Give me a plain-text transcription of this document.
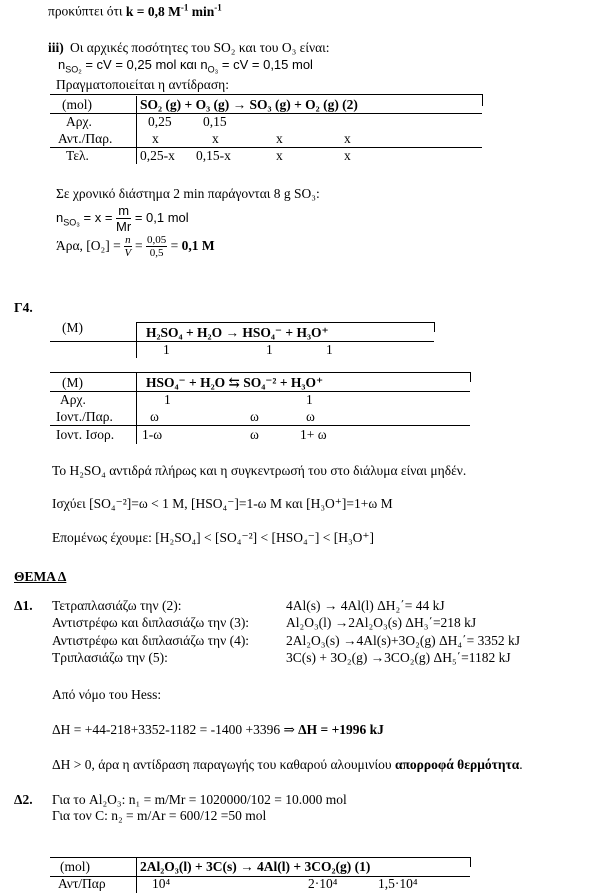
προκύπτει ότι k = 0,8 $M^{-1}$ $\min^{-1}$
iii) Οι αρχικές ποσότητες του SO₂ και του O₃ είναι:
$n_{SO_2}$ = cV = 0,25 mol και $n_{O_3}$ = cV = 0,15 mol
Πραγματοποιείται η αντίδραση:
(mol)	SO₂ (g) + O₃ (g) → SO₃ (g) + O₂ (g) (2)
Αρχ.	0,25 0,15
Αντ./Παρ.	x	x	x	x
Τελ.	0,25-x 0,15-x	x	x
Σε χρονικό διάστημα 2 min παράγονται 8 g SO₃:
$n_{SO_3} = x = \frac{m}{Mr} = 0,1$ mol
Άρα, $[O_2] = \frac{n}{V} = \frac{0,05}{0,5} = 0,1$ M
Γ4.
(M)	H₂SO₄ + H₂O → HSO₄⁻ + H₃O⁺
1	1	1
(M)	HSO₄⁻ + H₂O ⇆ SO₄⁻² + H₃O⁺
Αρχ.	1	1
Ιοντ./Παρ.	ω	ω	ω
Ιοντ. Ισορ. 1-ω	ω	1+ ω
Το H₂SO₄ αντιδρά πλήρως και η συγκεντρωσή του στο διάλυμα είναι μηδέν.
Ισχύει [SO₄⁻²]=ω < 1 M, [HSO₄⁻]=1-ω M και [H₃O⁺]=1+ω M
Επομένως έχουμε: [H₂SO₄] < [SO₄⁻²] < [HSO₄⁻] < [H₃O⁺]
ΘΕΜΑ Δ
Δ1. Τετραπλασιάζω την (2):	4Al(s) → 4Al(l) ΔH₂΄= 44 kJ
Αντιστρέφω και διπλασιάζω την (3):	Al₂O₃(l) →2Al₂O₃(s) ΔH₃΄=218 kJ
Αντιστρέφω και διπλασιάζω την (4):	2Al₂O₃(s) →4Al(s)+3O₂(g) ΔH₄΄= 3352 kJ
Τριπλασιάζω την (5):	3C(s) + 3O₂(g) →3CO₂(g) ΔH₅΄=1182 kJ
Από νόμο του Hess:
ΔH = +44-218+3352-1182 = -1400 +3396 ⇒ ΔH = +1996 kJ
ΔH > 0, άρα η αντίδραση παραγωγής του καθαρού αλουμινίου απορροφά θερμότητα.
Δ2. Για το Al₂O₃: n₁ = m/Mr = 1020000/102 = 10.000 mol
Για τον C: n₂ = m/Ar = 600/12 =50 mol
(mol)	2Al₂O₃(l) + 3C(s) → 4Al(l) + 3CO₂(g) (1)
Αντ/Παρ	10⁴	2·10⁴	1,5·10⁴
